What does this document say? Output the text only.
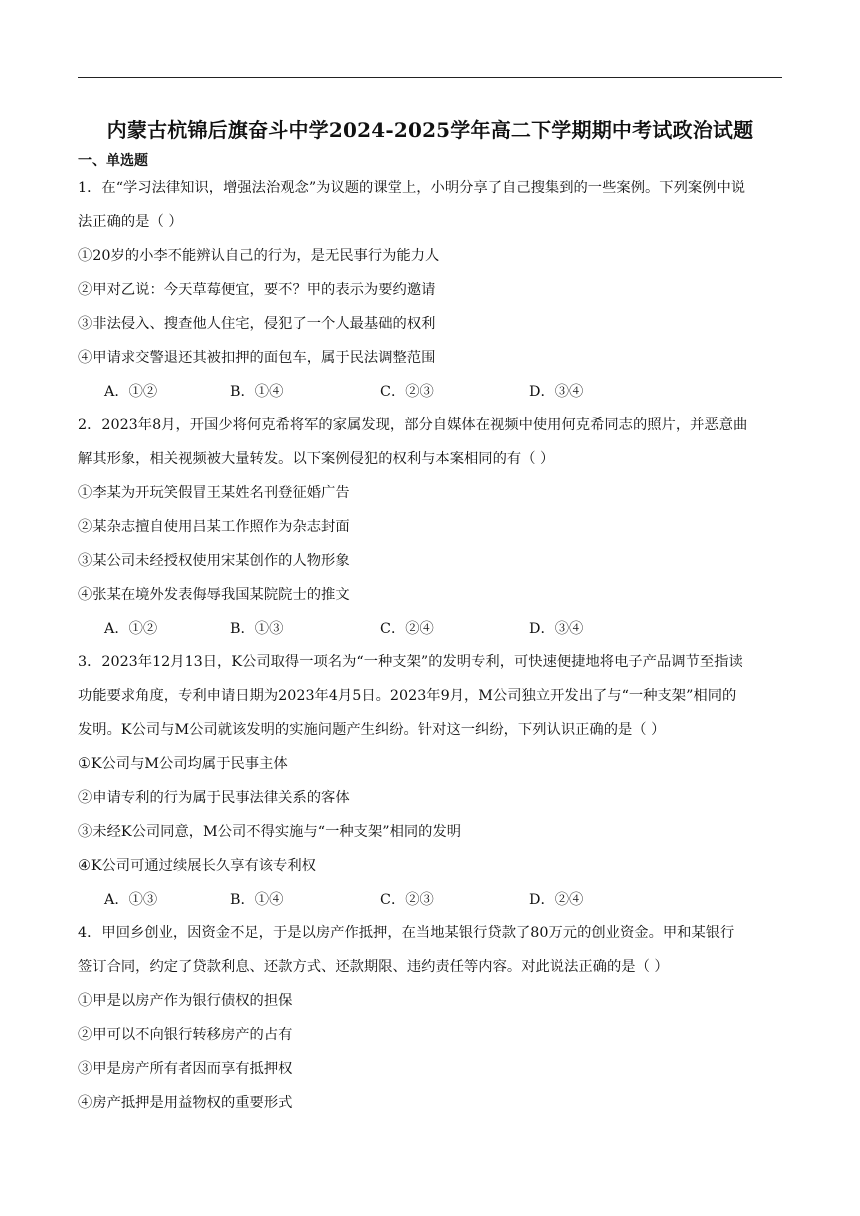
内蒙古杭锦后旗奋斗中学2024-2025学年高二下学期期中考试政治试题
一、单选题
1．在“学习法律知识，增强法治观念”为议题的课堂上，小明分享了自己搜集到的一些案例。下列案例中说
法正确的是（ ）
①20岁的小李不能辨认自己的行为，是无民事行为能力人
②甲对乙说：今天草莓便宜，要不？甲的表示为要约邀请
③非法侵入、搜查他人住宅，侵犯了一个人最基础的权利
④甲请求交警退还其被扣押的面包车，属于民法调整范围
A．①②	B．①④	C．②③	D．③④
2．2023年8月，开国少将何克希将军的家属发现，部分自媒体在视频中使用何克希同志的照片，并恶意曲
解其形象，相关视频被大量转发。以下案例侵犯的权利与本案相同的有（ ）
①李某为开玩笑假冒王某姓名刊登征婚广告
②某杂志擅自使用吕某工作照作为杂志封面
③某公司未经授权使用宋某创作的人物形象
④张某在境外发表侮辱我国某院院士的推文
A．①②	B．①③	C．②④	D．③④
3．2023年12月13日，K公司取得一项名为“一种支架”的发明专利，可快速便捷地将电子产品调节至指读
功能要求角度，专利申请日期为2023年4月5日。2023年9月，M公司独立开发出了与“一种支架”相同的
发明。K公司与M公司就该发明的实施问题产生纠纷。针对这一纠纷，下列认识正确的是（ ）
①K公司与M公司均属于民事主体
②申请专利的行为属于民事法律关系的客体
③未经K公司同意，M公司不得实施与“一种支架”相同的发明
④K公司可通过续展长久享有该专利权
A．①③	B．①④	C．②③	D．②④
4．甲回乡创业，因资金不足，于是以房产作抵押，在当地某银行贷款了80万元的创业资金。甲和某银行
签订合同，约定了贷款利息、还款方式、还款期限、违约责任等内容。对此说法正确的是（ ）
①甲是以房产作为银行债权的担保
②甲可以不向银行转移房产的占有
③甲是房产所有者因而享有抵押权
④房产抵押是用益物权的重要形式
